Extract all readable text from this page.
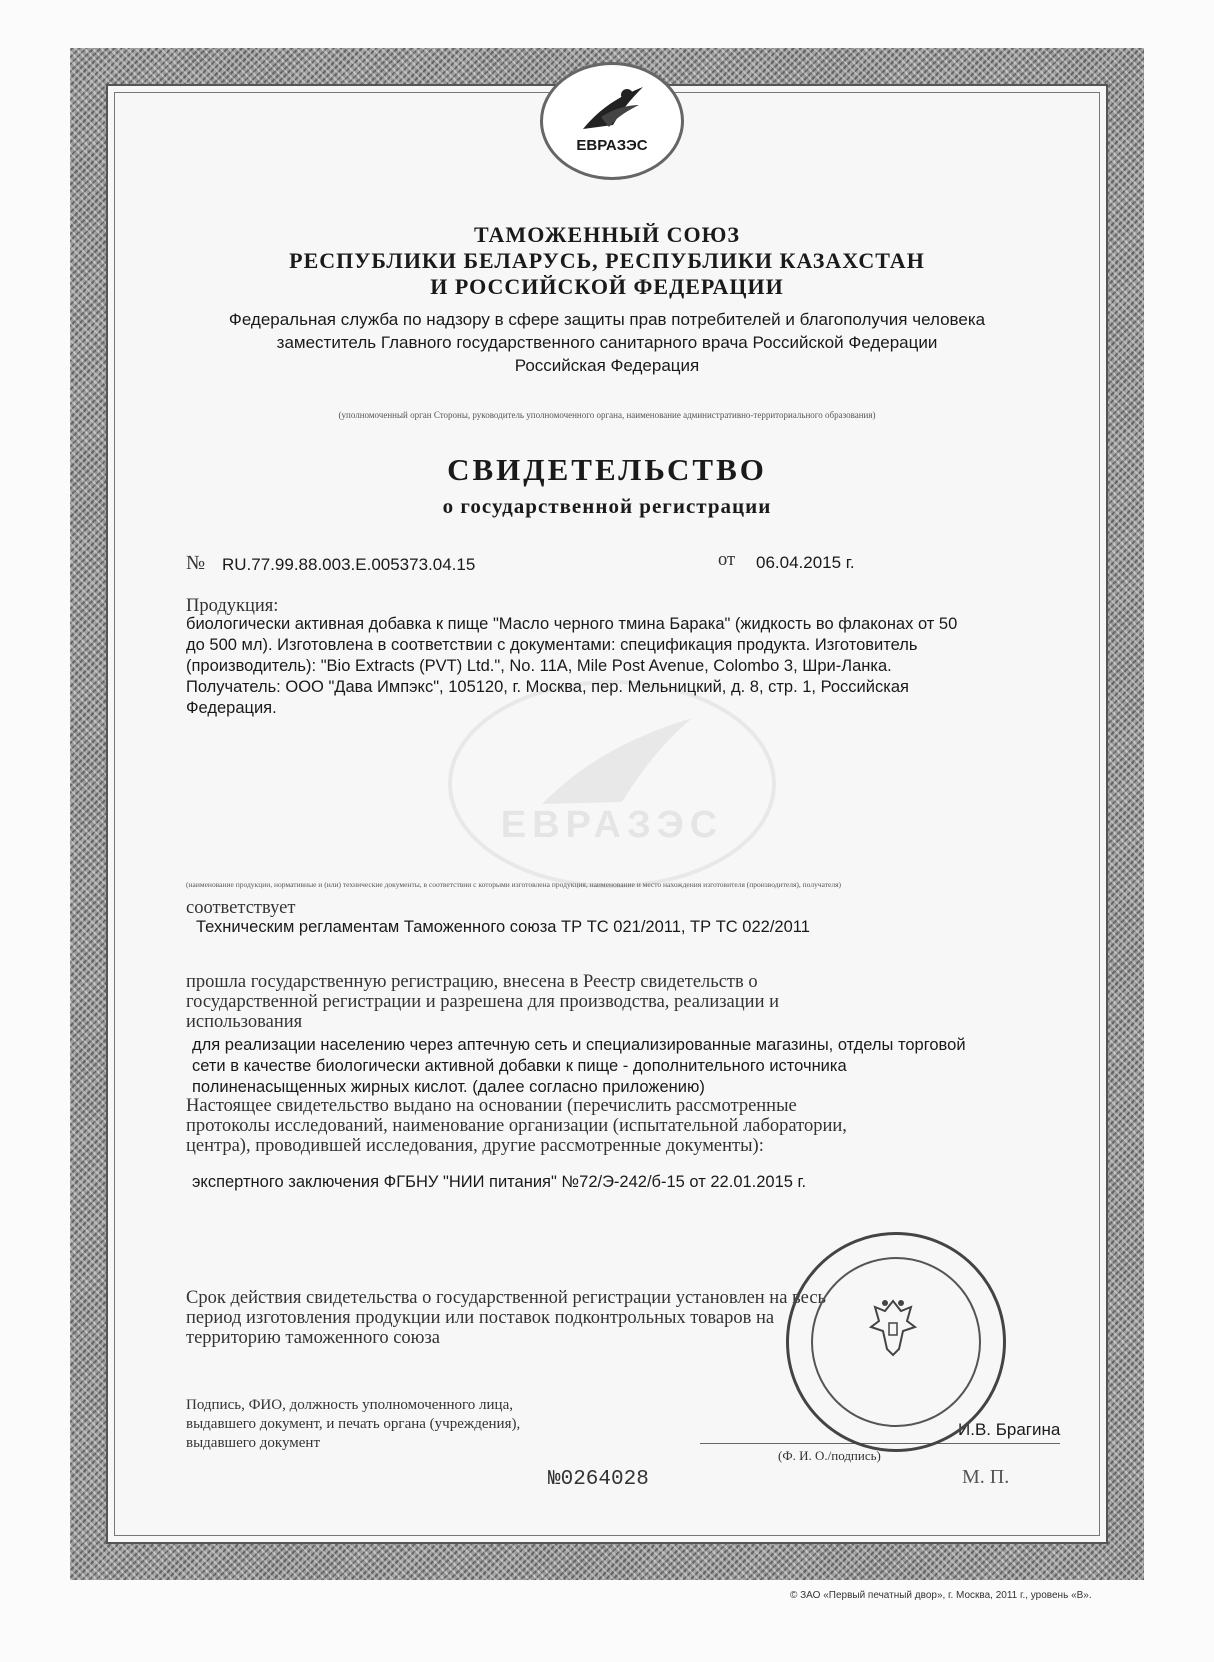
ЕВРАЗЭС
ЕВРАЗЭС
ТАМОЖЕННЫЙ СОЮЗ
РЕСПУБЛИКИ БЕЛАРУСЬ, РЕСПУБЛИКИ КАЗАХСТАН
И РОССИЙСКОЙ ФЕДЕРАЦИИ
Федеральная служба по надзору в сфере защиты прав потребителей и благополучия человека
заместитель Главного государственного санитарного врача Российской Федерации
Российская Федерация
(уполномоченный орган Стороны, руководитель уполномоченного органа, наименование административно-территориального образования)
СВИДЕТЕЛЬСТВО
о государственной регистрации
№ RU.77.99.88.003.E.005373.04.15	от 06.04.2015 г.
Продукция:
биологически активная добавка к пище "Масло черного тмина Барака" (жидкость во флаконах от 50
до 500 мл). Изготовлена в соответствии с документами: спецификация продукта. Изготовитель
(производитель): "Bio Extracts (PVT) Ltd.", No. 11A, Mile Post Avenue, Colombo 3, Шри-Ланка.
Получатель: ООО "Дава Импэкс", 105120, г. Москва, пер. Мельницкий, д. 8, стр. 1, Российская
Федерация.
(наименование продукции, нормативные и (или) технические документы, в соответствии с которыми изготовлена продукция, наименование и место нахождения изготовителя (производителя), получателя)
соответствует
Техническим регламентам Таможенного союза ТР ТС 021/2011, ТР ТС 022/2011
прошла государственную регистрацию, внесена в Реестр свидетельств о
государственной регистрации и разрешена для производства, реализации и
использования
для реализации населению через аптечную сеть и специализированные магазины, отделы торговой
сети в качестве биологически активной добавки к пище - дополнительного источника
полиненасыщенных жирных кислот. (далее согласно приложению)
Настоящее свидетельство выдано на основании (перечислить рассмотренные
протоколы исследований, наименование организации (испытательной лаборатории,
центра), проводившей исследования, другие рассмотренные документы):
экспертного заключения ФГБНУ "НИИ питания" №72/Э-242/б-15 от 22.01.2015 г.
Срок действия свидетельства о государственной регистрации установлен на весь
период изготовления продукции или поставок подконтрольных товаров на
территорию таможенного союза
Подпись, ФИО, должность уполномоченного лица,
выдавшего документ, и печать органа (учреждения),
выдавшего документ
И.В. Брагина
(Ф. И. О./подпись)
М. П.
№0264028
© ЗАО «Первый печатный двор», г. Москва, 2011 г., уровень «В».
